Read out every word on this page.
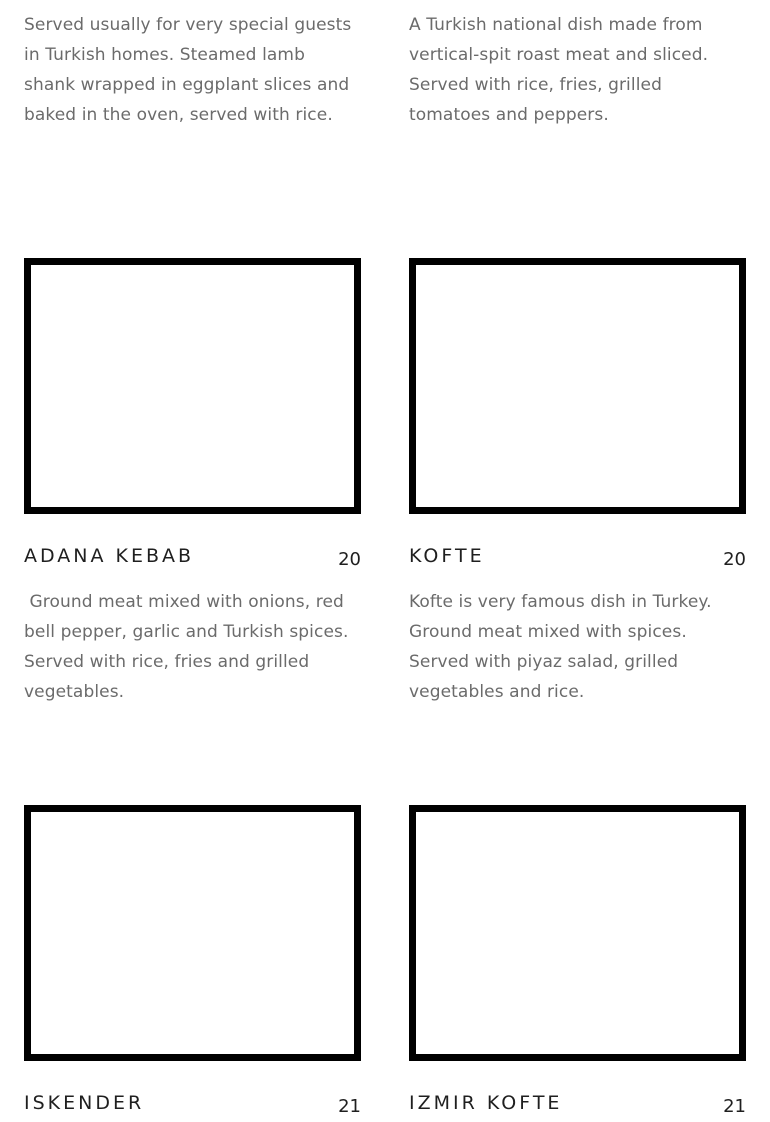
Served usually for very special guests in Turkish homes. Steamed lamb shank wrapped in eggplant slices and baked in the oven, served with rice.

A Turkish national dish made from vertical-spit roast meat and sliced. Served with rice, fries, grilled tomatoes and peppers.

ADANA KEBAB	20	KOFTE	20

Ground meat mixed with onions, red bell pepper, garlic and Turkish spices. Served with rice, fries and grilled vegetables.

Kofte is very famous dish in Turkey. Ground meat mixed with spices. Served with piyaz salad, grilled vegetables and rice.

ISKENDER	21	IZMIR KOFTE	21
